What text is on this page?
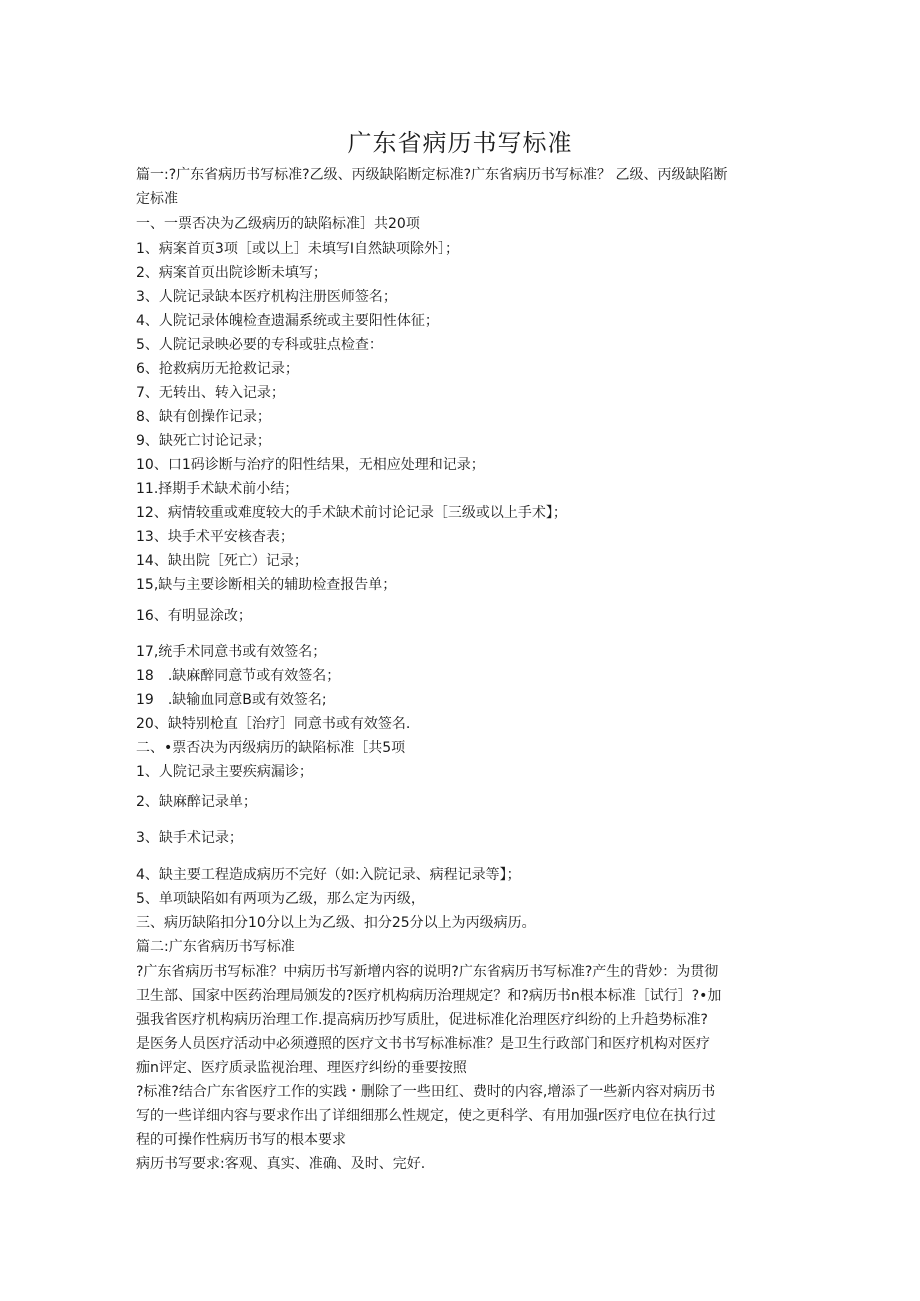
广东省病历书写标准
篇一:?广东省病历书写标准?乙级、丙级缺陷断定标准?广东省病历书写标准？ 乙级、丙级缺陷断
定标准
一、一票否决为乙级病历的缺陷标准］共20项
1、病案首页3项［或以上］未填写I自然缺项除外］；
2、病案首页出院诊断未填写；
3、人院记录缺本医疗机构注册医师签名；
4、人院记录体魄检查遗漏系统或主要阳性体征；
5、人院记录映必要的专科或驻点检查：
6、抢救病历无抢救记录；
7、无转出、转入记录；
8、缺有创操作记录；
9、缺死亡讨论记录；
10、口1码诊断与治疗的阳性结果，无相应处理和记录；
11.择期手术缺术前小结；
12、病情较重或难度较大的手术缺术前讨论记录［三级或以上手术】；
13、块手术平安核杳表；
14、缺出院［死亡）记录；
15,缺与主要诊断相关的辅助检查报告单；
16、有明显涂改；
17,统手术同意书或有效签名；
18　.缺麻醉同意节或有效签名；
19　.缺输血同意B或有效签名;
20、缺特别枪直［治疗］同意书或有效签名.
二、•票否决为丙级病历的缺陷标准［共5项
1、人院记录主要疾病漏诊；
2、缺麻醉记录单；
3、缺手术记录；
4、缺主要工程造成病历不完好（如:入院记录、病程记录等】；
5、单项缺陷如有两项为乙级，那么定为丙级，
三、病历缺陷扣分10分以上为乙级、扣分25分以上为丙级病历。
篇二:广东省病历书写标准
?广东省病历书写标准？中病历书写新增内容的说明?广东省病历书写标准?产生的背妙：为贯彻
卫生部、国家中医药治理局颁发的?医疗机构病历治理规定？和?病历书n根本标准［试行］?•加
强我省医疗机构病历治理工作.提高病历抄写质肚，促进标准化治理医疗纠纷的上升趋势标准?
是医务人员医疗活动中必须遵照的医疗文书书写标准标准？是卫生行政部门和医疗机构对医疗
痂n评定、医疗质录监视治理、理医疗纠纷的垂要按照
?标准?结合广东省医疗工作的实践・删除了一些田红、费时的内容,增添了一些新内容对病历书
写的一些详细内容与要求作出了详细细那么性规定，使之更科学、有用加强r医疗电位在执行过
程的可操作性病历书写的根本要求
病历书写要求:客观、真实、准确、及时、完好.
